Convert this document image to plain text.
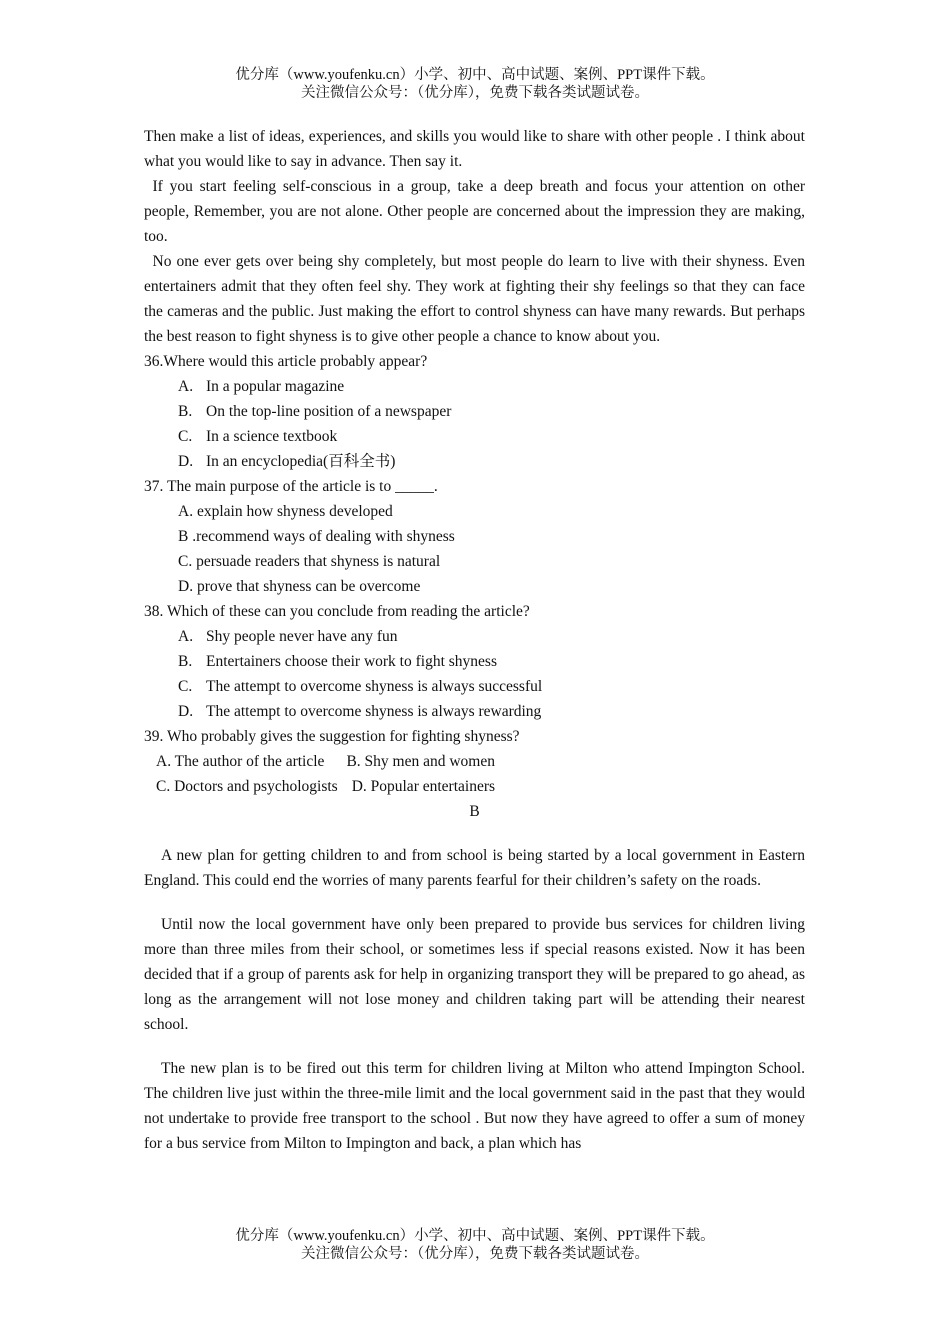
优分库（www.youfenku.cn）小学、初中、高中试题、案例、PPT课件下载。
关注微信公众号：（优分库），免费下载各类试题试卷。

Then make a list of ideas, experiences, and skills you would like to share with other people . I think about what you would like to say in advance. Then say it.

If you start feeling self-conscious in a group, take a deep breath and focus your attention on other people, Remember, you are not alone. Other people are concerned about the impression they are making, too.

No one ever gets over being shy completely, but most people do learn to live with their shyness. Even entertainers admit that they often feel shy. They work at fighting their shy feelings so that they can face the cameras and the public. Just making the effort to control shyness can have many rewards. But perhaps the best reason to fight shyness is to give other people a chance to know about you.

36.Where would this article probably appear?
A. In a popular magazine
B. On the top-line position of a newspaper
C. In a science textbook
D. In an encyclopedia(百科全书)
37. The main purpose of the article is to _____.
A. explain how shyness developed
B .recommend ways of dealing with shyness
C. persuade readers that shyness is natural
D. prove that shyness can be overcome
38. Which of these can you conclude from reading the article?
A. Shy people never have any fun
B. Entertainers choose their work to fight shyness
C. The attempt to overcome shyness is always successful
D. The attempt to overcome shyness is always rewarding
39. Who probably gives the suggestion for fighting shyness?
A. The author of the article B. Shy men and women
C. Doctors and psychologists D. Popular entertainers
B

A new plan for getting children to and from school is being started by a local government in Eastern England. This could end the worries of many parents fearful for their children’s safety on the roads.

Until now the local government have only been prepared to provide bus services for children living more than three miles from their school, or sometimes less if special reasons existed. Now it has been decided that if a group of parents ask for help in organizing transport they will be prepared to go ahead, as long as the arrangement will not lose money and children taking part will be attending their nearest school.

The new plan is to be fired out this term for children living at Milton who attend Impington School. The children live just within the three-mile limit and the local government said in the past that they would not undertake to provide free transport to the school . But now they have agreed to offer a sum of money for a bus service from Milton to Impington and back, a plan which has

优分库（www.youfenku.cn）小学、初中、高中试题、案例、PPT课件下载。
关注微信公众号：（优分库），免费下载各类试题试卷。
